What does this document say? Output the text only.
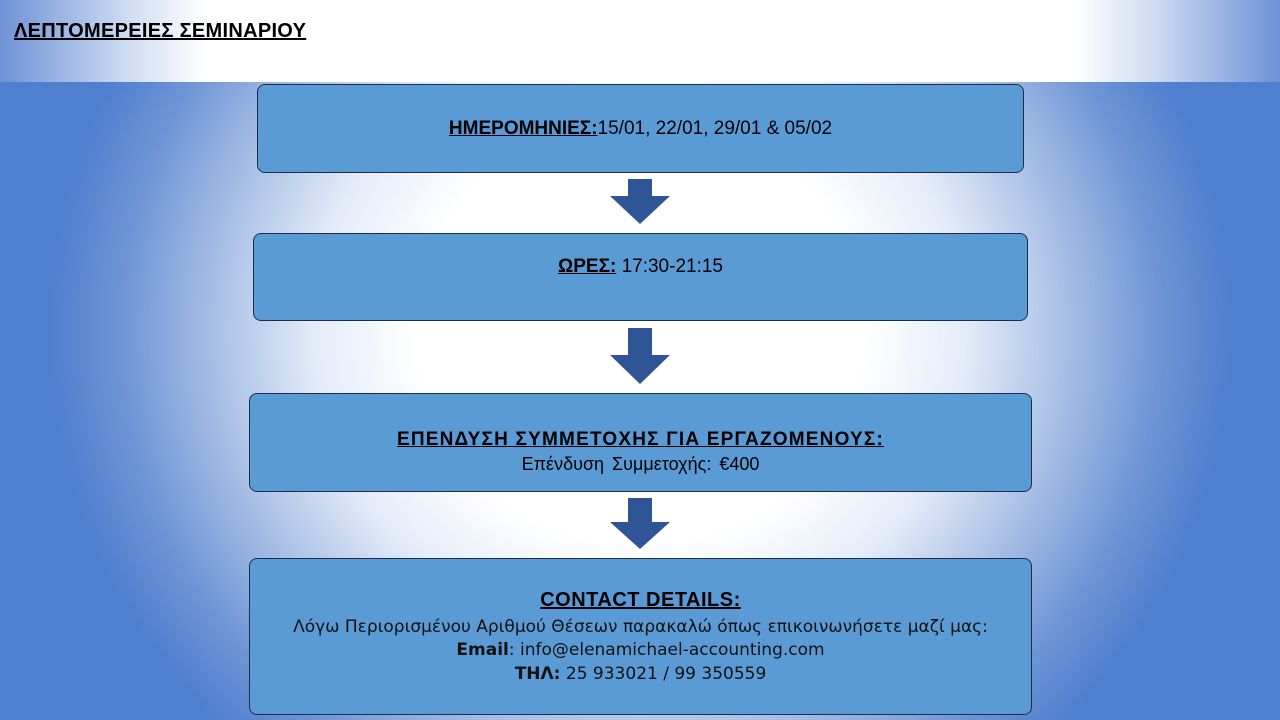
ΛΕΠΤΟΜΕΡΕΙΕΣ ΣΕΜΙΝΑΡΙΟΥ
ΗΜΕΡΟΜΗΝΙΕΣ:15/01, 22/01, 29/01 & 05/02
ΩΡΕΣ: 17:30-21:15
ΕΠΕΝΔΥΣΗ ΣΥΜΜΕΤΟΧΗΣ ΓΙΑ ΕΡΓΑΖΟΜΕΝΟΥΣ:
Επένδυση Συμμετοχής: €400
CONTACT DETAILS:
Λόγω Περιορισμένου Αριθμού Θέσεων παρακαλώ όπως επικοινωνήσετε μαζί μας:
Email: info@elenamichael-accounting.com
ΤΗΛ: 25 933021 / 99 350559
